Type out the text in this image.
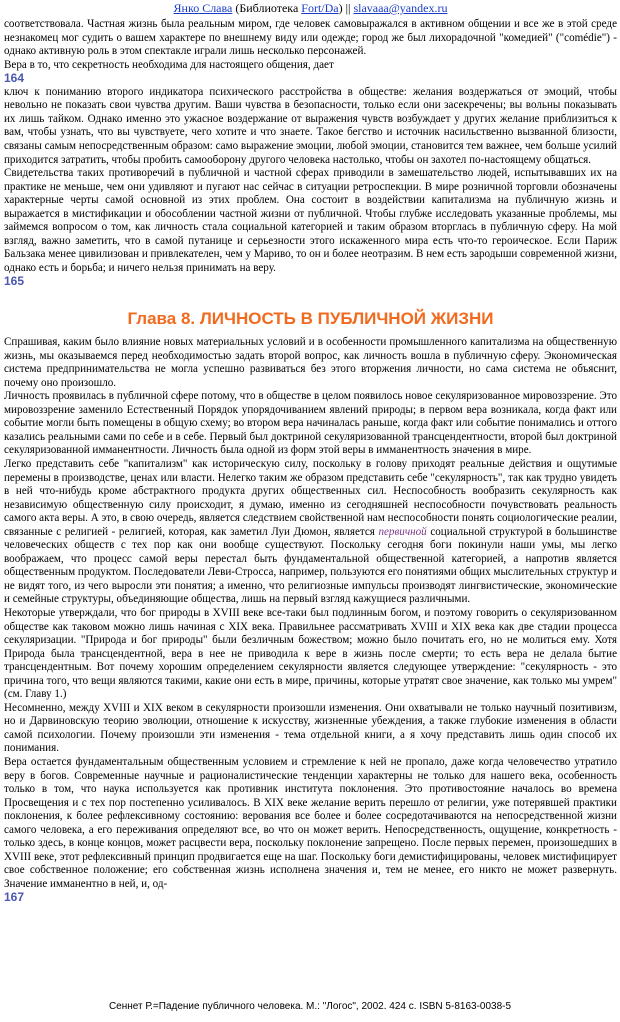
Янко Слава (Библиотека Fort/Da) || slavaaa@yandex.ru

соответствовала. Частная жизнь была реальным миром, где человек самовыражался в активном общении и все же в этой среде незнакомец мог судить о вашем характере по внешнему виду или одежде; город же был лихорадочной "комедией" ("comédie") - однако активную роль в этом спектакле играли лишь несколько персонажей.

Вера в то, что секретность необходима для настоящего общения, дает

164

ключ к пониманию второго индикатора психического расстройства в обществе: желания воздержаться от эмоций, чтобы невольно не показать свои чувства другим. Ваши чувства в безопасности, только если они засекречены; вы вольны показывать их лишь тайком. Однако именно это ужасное воздержание от выражения чувств возбуждает у других желание приблизиться к вам, чтобы узнать, что вы чувствуете, чего хотите и что знаете. Такое бегство и источник насильственно вызванной близости, связаны самым непосредственным образом: само выражение эмоции, любой эмоции, становится тем важнее, чем больше усилий приходится затратить, чтобы пробить самооборону другого человека настолько, чтобы он захотел по-настоящему общаться.

Свидетельства таких противоречий в публичной и частной сферах приводили в замешательство людей, испытывавших их на практике не меньше, чем они удивляют и пугают нас сейчас в ситуации ретроспекции. В мире розничной торговли обозначены характерные черты самой основной из этих проблем. Она состоит в воздействии капитализма на публичную жизнь и выражается в мистификации и обособлении частной жизни от публичной. Чтобы глубже исследовать указанные проблемы, мы займемся вопросом о том, как личность стала социальной категорией и таким образом вторглась в публичную сферу. На мой взгляд, важно заметить, что в самой путанице и серьезности этого искаженного мира есть что-то героическое. Если Париж Бальзака менее цивилизован и привлекателен, чем у Мариво, то он и более неотразим. В нем есть зародыши современной жизни, однако есть и борьба; и ничего нельзя принимать на веру.

165
Глава 8. ЛИЧНОСТЬ В ПУБЛИЧНОЙ ЖИЗНИ

Спрашивая, каким было влияние новых материальных условий и в особенности промышленного капитализма на общественную жизнь, мы оказываемся перед необходимостью задать второй вопрос, как личность вошла в публичную сферу. Экономическая система предпринимательства не могла успешно развиваться без этого вторжения личности, но сама система не объяснит, почему оно произошло.

Личность проявилась в публичной сфере потому, что в обществе в целом появилось новое секуляризованное мировоззрение. Это мировоззрение заменило Естественный Порядок упорядочиванием явлений природы; в первом вера возникала, когда факт или событие могли быть помещены в общую схему; во втором вера начиналась раньше, когда факт или событие понимались и оттого казались реальными сами по себе и в себе. Первый был доктриной секуляризованной трансцендентности, второй был доктриной секуляризованной имманентности. Личность была одной из форм этой веры в имманентность значения в мире.

Легко представить себе "капитализм" как историческую силу, поскольку в голову приходят реальные действия и ощутимые перемены в производстве, ценах или власти. Нелегко таким же образом представить себе "секулярность", так как трудно увидеть в ней что-нибудь кроме абстрактного продукта других общественных сил. Неспособность вообразить секулярность как независимую общественную силу происходит, я думаю, именно из сегодняшней неспособности почувствовать реальность самого акта веры. А это, в свою очередь, является следствием свойственной нам неспособности понять социологические реалии, связанные с религией - религией, которая, как заметил Луи Дюмон, является первичной социальной структурой в большинстве человеческих обществ с тех пор как они вообще существуют. Поскольку сегодня боги покинули наши умы, мы легко воображаем, что процесс самой веры перестал быть фундаментальной общественной категорией, а напротив является общественным продуктом. Последователи Леви-Стросса, например, пользуются его понятиями общих мыслительных структур и не видят того, из чего выросли эти понятия; а именно, что религиозные импульсы производят лингвистические, экономические и семейные структуры, объединяющие общества, лишь на первый взгляд кажущиеся различными.

Некоторые утверждали, что бог природы в XVIII веке все-таки был подлинным богом, и поэтому говорить о секуляризованном обществе как таковом можно лишь начиная с XIX века. Правильнее рассматривать XVIII и XIX века как две стадии процесса секуляризации. "Природа и бог природы" были безличным божеством; можно было почитать его, но не молиться ему. Хотя Природа была трансцендентной, вера в нее не приводила к вере в жизнь после смерти; то есть вера не делала бытие трансцендентным. Вот почему хорошим определением секулярности является следующее утверждение: "секулярность - это причина того, что вещи являются такими, какие они есть в мире, причины, которые утратят свое значение, как только мы умрем" (см. Главу 1.)

Несомненно, между XVIII и XIX веком в секулярности произошли изменения. Они охватывали не только научный позитивизм, но и Дарвиновскую теорию эволюции, отношение к искусству, жизненные убеждения, а также глубокие изменения в области самой психологии. Почему произошли эти изменения - тема отдельной книги, а я хочу представить лишь один способ их понимания.

Вера остается фундаментальным общественным условием и стремление к ней не пропало, даже когда человечество утратило веру в богов. Современные научные и рационалистические тенденции характерны не только для нашего века, особенность только в том, что наука используется как противник института поклонения. Это противостояние началось во времена Просвещения и с тех пор постепенно усиливалось. В XIX веке желание верить перешло от религии, уже потерявшей практики поклонения, к более рефлексивному состоянию: верования все более и более сосредотачиваются на непосредственной жизни самого человека, а его переживания определяют все, во что он может верить. Непосредственность, ощущение, конкретность - только здесь, в конце концов, может расцвести вера, поскольку поклонение запрещено. После первых перемен, произошедших в XVIII веке, этот рефлексивный принцип продвигается еще на шаг. Поскольку боги демистифицированы, человек мистифицирует свое собственное положение; его собственная жизнь исполнена значения и, тем не менее, его никто не может развернуть. Значение имманентно в ней, и, од-

167
Сеннет Р.=Падение публичного человека. М.: "Логос", 2002. 424 с. ISBN 5-8163-0038-5
